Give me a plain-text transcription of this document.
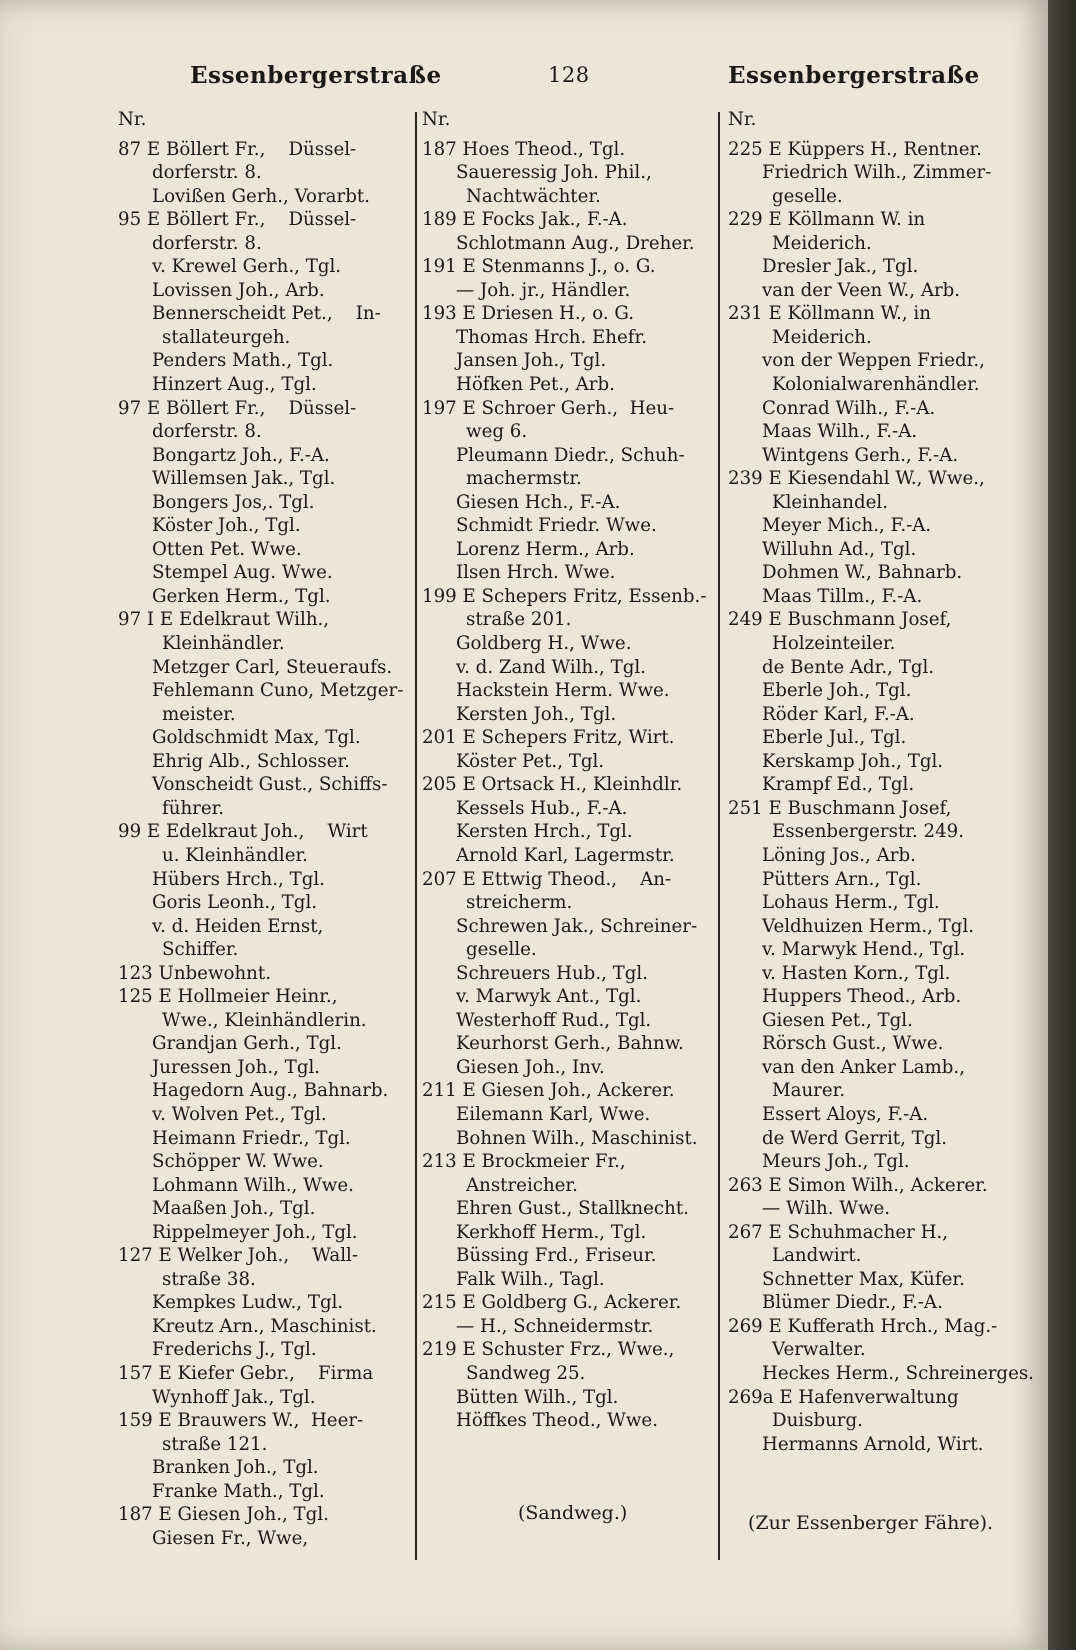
Essenbergerstraße	128	Essenbergerstraße
Nr.
87 E Böllert Fr.,    Düssel-
dorferstr. 8.
Lovißen Gerh., Vorarbt.
95 E Böllert Fr.,    Düssel-
dorferstr. 8.
v. Krewel Gerh., Tgl.
Lovissen Joh., Arb.
Bennerscheidt Pet.,    In-
stallateurgeh.
Penders Math., Tgl.
Hinzert Aug., Tgl.
97 E Böllert Fr.,    Düssel-
dorferstr. 8.
Bongartz Joh., F.-A.
Willemsen Jak., Tgl.
Bongers Jos,. Tgl.
Köster Joh., Tgl.
Otten Pet. Wwe.
Stempel Aug. Wwe.
Gerken Herm., Tgl.
97 I E Edelkraut Wilh.,
Kleinhändler.
Metzger Carl, Steueraufs.
Fehlemann Cuno, Metzger-
meister.
Goldschmidt Max, Tgl.
Ehrig Alb., Schlosser.
Vonscheidt Gust., Schiffs-
führer.
99 E Edelkraut Joh.,    Wirt
u. Kleinhändler.
Hübers Hrch., Tgl.
Goris Leonh., Tgl.
v. d. Heiden Ernst,
Schiffer.
123 Unbewohnt.
125 E Hollmeier Heinr.,
Wwe., Kleinhändlerin.
Grandjan Gerh., Tgl.
Juressen Joh., Tgl.
Hagedorn Aug., Bahnarb.
v. Wolven Pet., Tgl.
Heimann Friedr., Tgl.
Schöpper W. Wwe.
Lohmann Wilh., Wwe.
Maaßen Joh., Tgl.
Rippelmeyer Joh., Tgl.
127 E Welker Joh.,    Wall-
straße 38.
Kempkes Ludw., Tgl.
Kreutz Arn., Maschinist.
Frederichs J., Tgl.
157 E Kiefer Gebr.,    Firma
Wynhoff Jak., Tgl.
159 E Brauwers W.,  Heer-
straße 121.
Branken Joh., Tgl.
Franke Math., Tgl.
187 E Giesen Joh., Tgl.
Giesen Fr., Wwe,
Nr.
187 Hoes Theod., Tgl.
Saueressig Joh. Phil.,
Nachtwächter.
189 E Focks Jak., F.-A.
Schlotmann Aug., Dreher.
191 E Stenmanns J., o. G.
— Joh. jr., Händler.
193 E Driesen H., o. G.
Thomas Hrch. Ehefr.
Jansen Joh., Tgl.
Höfken Pet., Arb.
197 E Schroer Gerh.,  Heu-
weg 6.
Pleumann Diedr., Schuh-
machermstr.
Giesen Hch., F.-A.
Schmidt Friedr. Wwe.
Lorenz Herm., Arb.
Ilsen Hrch. Wwe.
199 E Schepers Fritz, Essenb.-
straße 201.
Goldberg H., Wwe.
v. d. Zand Wilh., Tgl.
Hackstein Herm. Wwe.
Kersten Joh., Tgl.
201 E Schepers Fritz, Wirt.
Köster Pet., Tgl.
205 E Ortsack H., Kleinhdlr.
Kessels Hub., F.-A.
Kersten Hrch., Tgl.
Arnold Karl, Lagermstr.
207 E Ettwig Theod.,    An-
streicherm.
Schrewen Jak., Schreiner-
geselle.
Schreuers Hub., Tgl.
v. Marwyk Ant., Tgl.
Westerhoff Rud., Tgl.
Keurhorst Gerh., Bahnw.
Giesen Joh., Inv.
211 E Giesen Joh., Ackerer.
Eilemann Karl, Wwe.
Bohnen Wilh., Maschinist.
213 E Brockmeier Fr.,
Anstreicher.
Ehren Gust., Stallknecht.
Kerkhoff Herm., Tgl.
Büssing Frd., Friseur.
Falk Wilh., Tagl.
215 E Goldberg G., Ackerer.
— H., Schneidermstr.
219 E Schuster Frz., Wwe.,
Sandweg 25.
Bütten Wilh., Tgl.
Höffkes Theod., Wwe.
Nr.
225 E Küppers H., Rentner.
Friedrich Wilh., Zimmer-
geselle.
229 E Köllmann W. in
Meiderich.
Dresler Jak., Tgl.
van der Veen W., Arb.
231 E Köllmann W., in
Meiderich.
von der Weppen Friedr.,
Kolonialwarenhändler.
Conrad Wilh., F.-A.
Maas Wilh., F.-A.
Wintgens Gerh., F.-A.
239 E Kiesendahl W., Wwe.,
Kleinhandel.
Meyer Mich., F.-A.
Willuhn Ad., Tgl.
Dohmen W., Bahnarb.
Maas Tillm., F.-A.
249 E Buschmann Josef,
Holzeinteiler.
de Bente Adr., Tgl.
Eberle Joh., Tgl.
Röder Karl, F.-A.
Eberle Jul., Tgl.
Kerskamp Joh., Tgl.
Krampf Ed., Tgl.
251 E Buschmann Josef,
Essenbergerstr. 249.
Löning Jos., Arb.
Pütters Arn., Tgl.
Lohaus Herm., Tgl.
Veldhuizen Herm., Tgl.
v. Marwyk Hend., Tgl.
v. Hasten Korn., Tgl.
Huppers Theod., Arb.
Giesen Pet., Tgl.
Rörsch Gust., Wwe.
van den Anker Lamb.,
Maurer.
Essert Aloys, F.-A.
de Werd Gerrit, Tgl.
Meurs Joh., Tgl.
263 E Simon Wilh., Ackerer.
— Wilh. Wwe.
267 E Schuhmacher H.,
Landwirt.
Schnetter Max, Küfer.
Blümer Diedr., F.-A.
269 E Kufferath Hrch., Mag.-
Verwalter.
Heckes Herm., Schreinerges.
269a E Hafenverwaltung
Duisburg.
Hermanns Arnold, Wirt.
(Sandweg.)	(Zur Essenberger Fähre).
